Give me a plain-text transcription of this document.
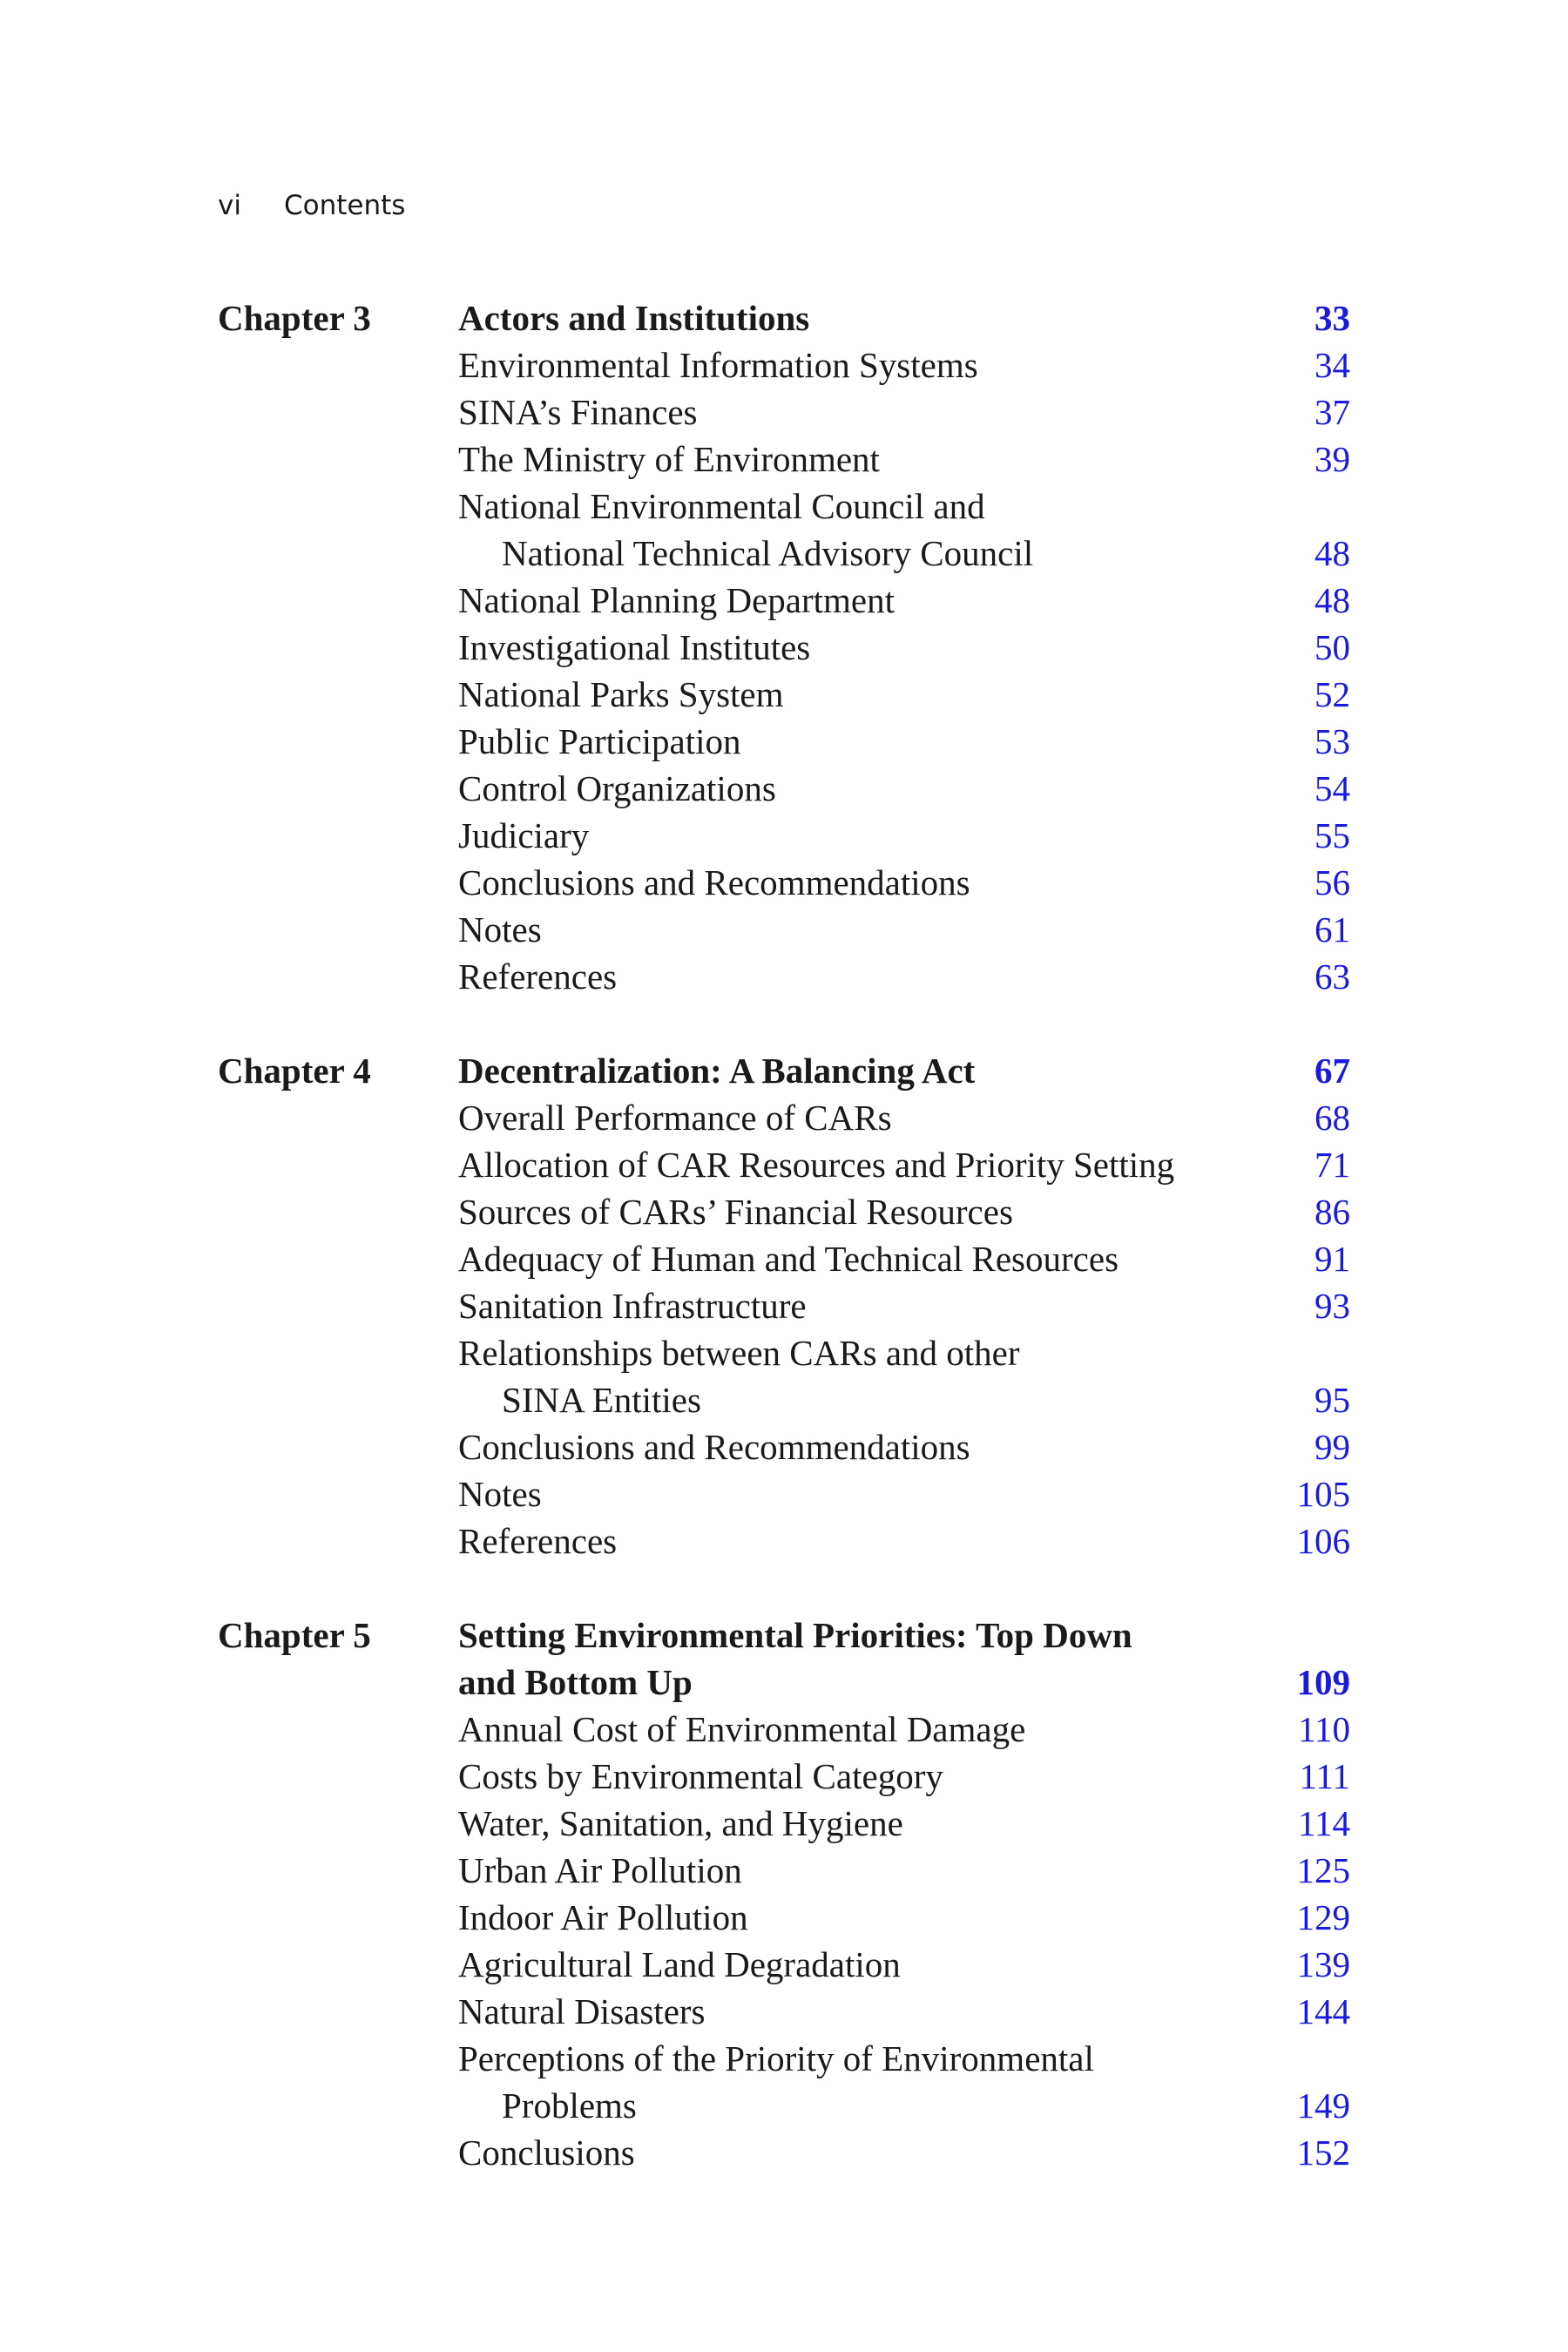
vi Contents
Chapter 3 Actors and Institutions	33
Environmental Information Systems	34
SINA’s Finances	37
The Ministry of Environment	39
National Environmental Council and
National Technical Advisory Council	48
National Planning Department	48
Investigational Institutes	50
National Parks System	52
Public Participation	53
Control Organizations	54
Judiciary	55
Conclusions and Recommendations	56
Notes	61
References	63
Chapter 4 Decentralization: A Balancing Act	67
Overall Performance of CARs	68
Allocation of CAR Resources and Priority Setting	71
Sources of CARs’ Financial Resources	86
Adequacy of Human and Technical Resources	91
Sanitation Infrastructure	93
Relationships between CARs and other
SINA Entities	95
Conclusions and Recommendations	99
Notes	105
References	106
Chapter 5 Setting Environmental Priorities: Top Down
and Bottom Up	109
Annual Cost of Environmental Damage	110
Costs by Environmental Category	111
Water, Sanitation, and Hygiene	114
Urban Air Pollution	125
Indoor Air Pollution	129
Agricultural Land Degradation	139
Natural Disasters	144
Perceptions of the Priority of Environmental
Problems	149
Conclusions	152
